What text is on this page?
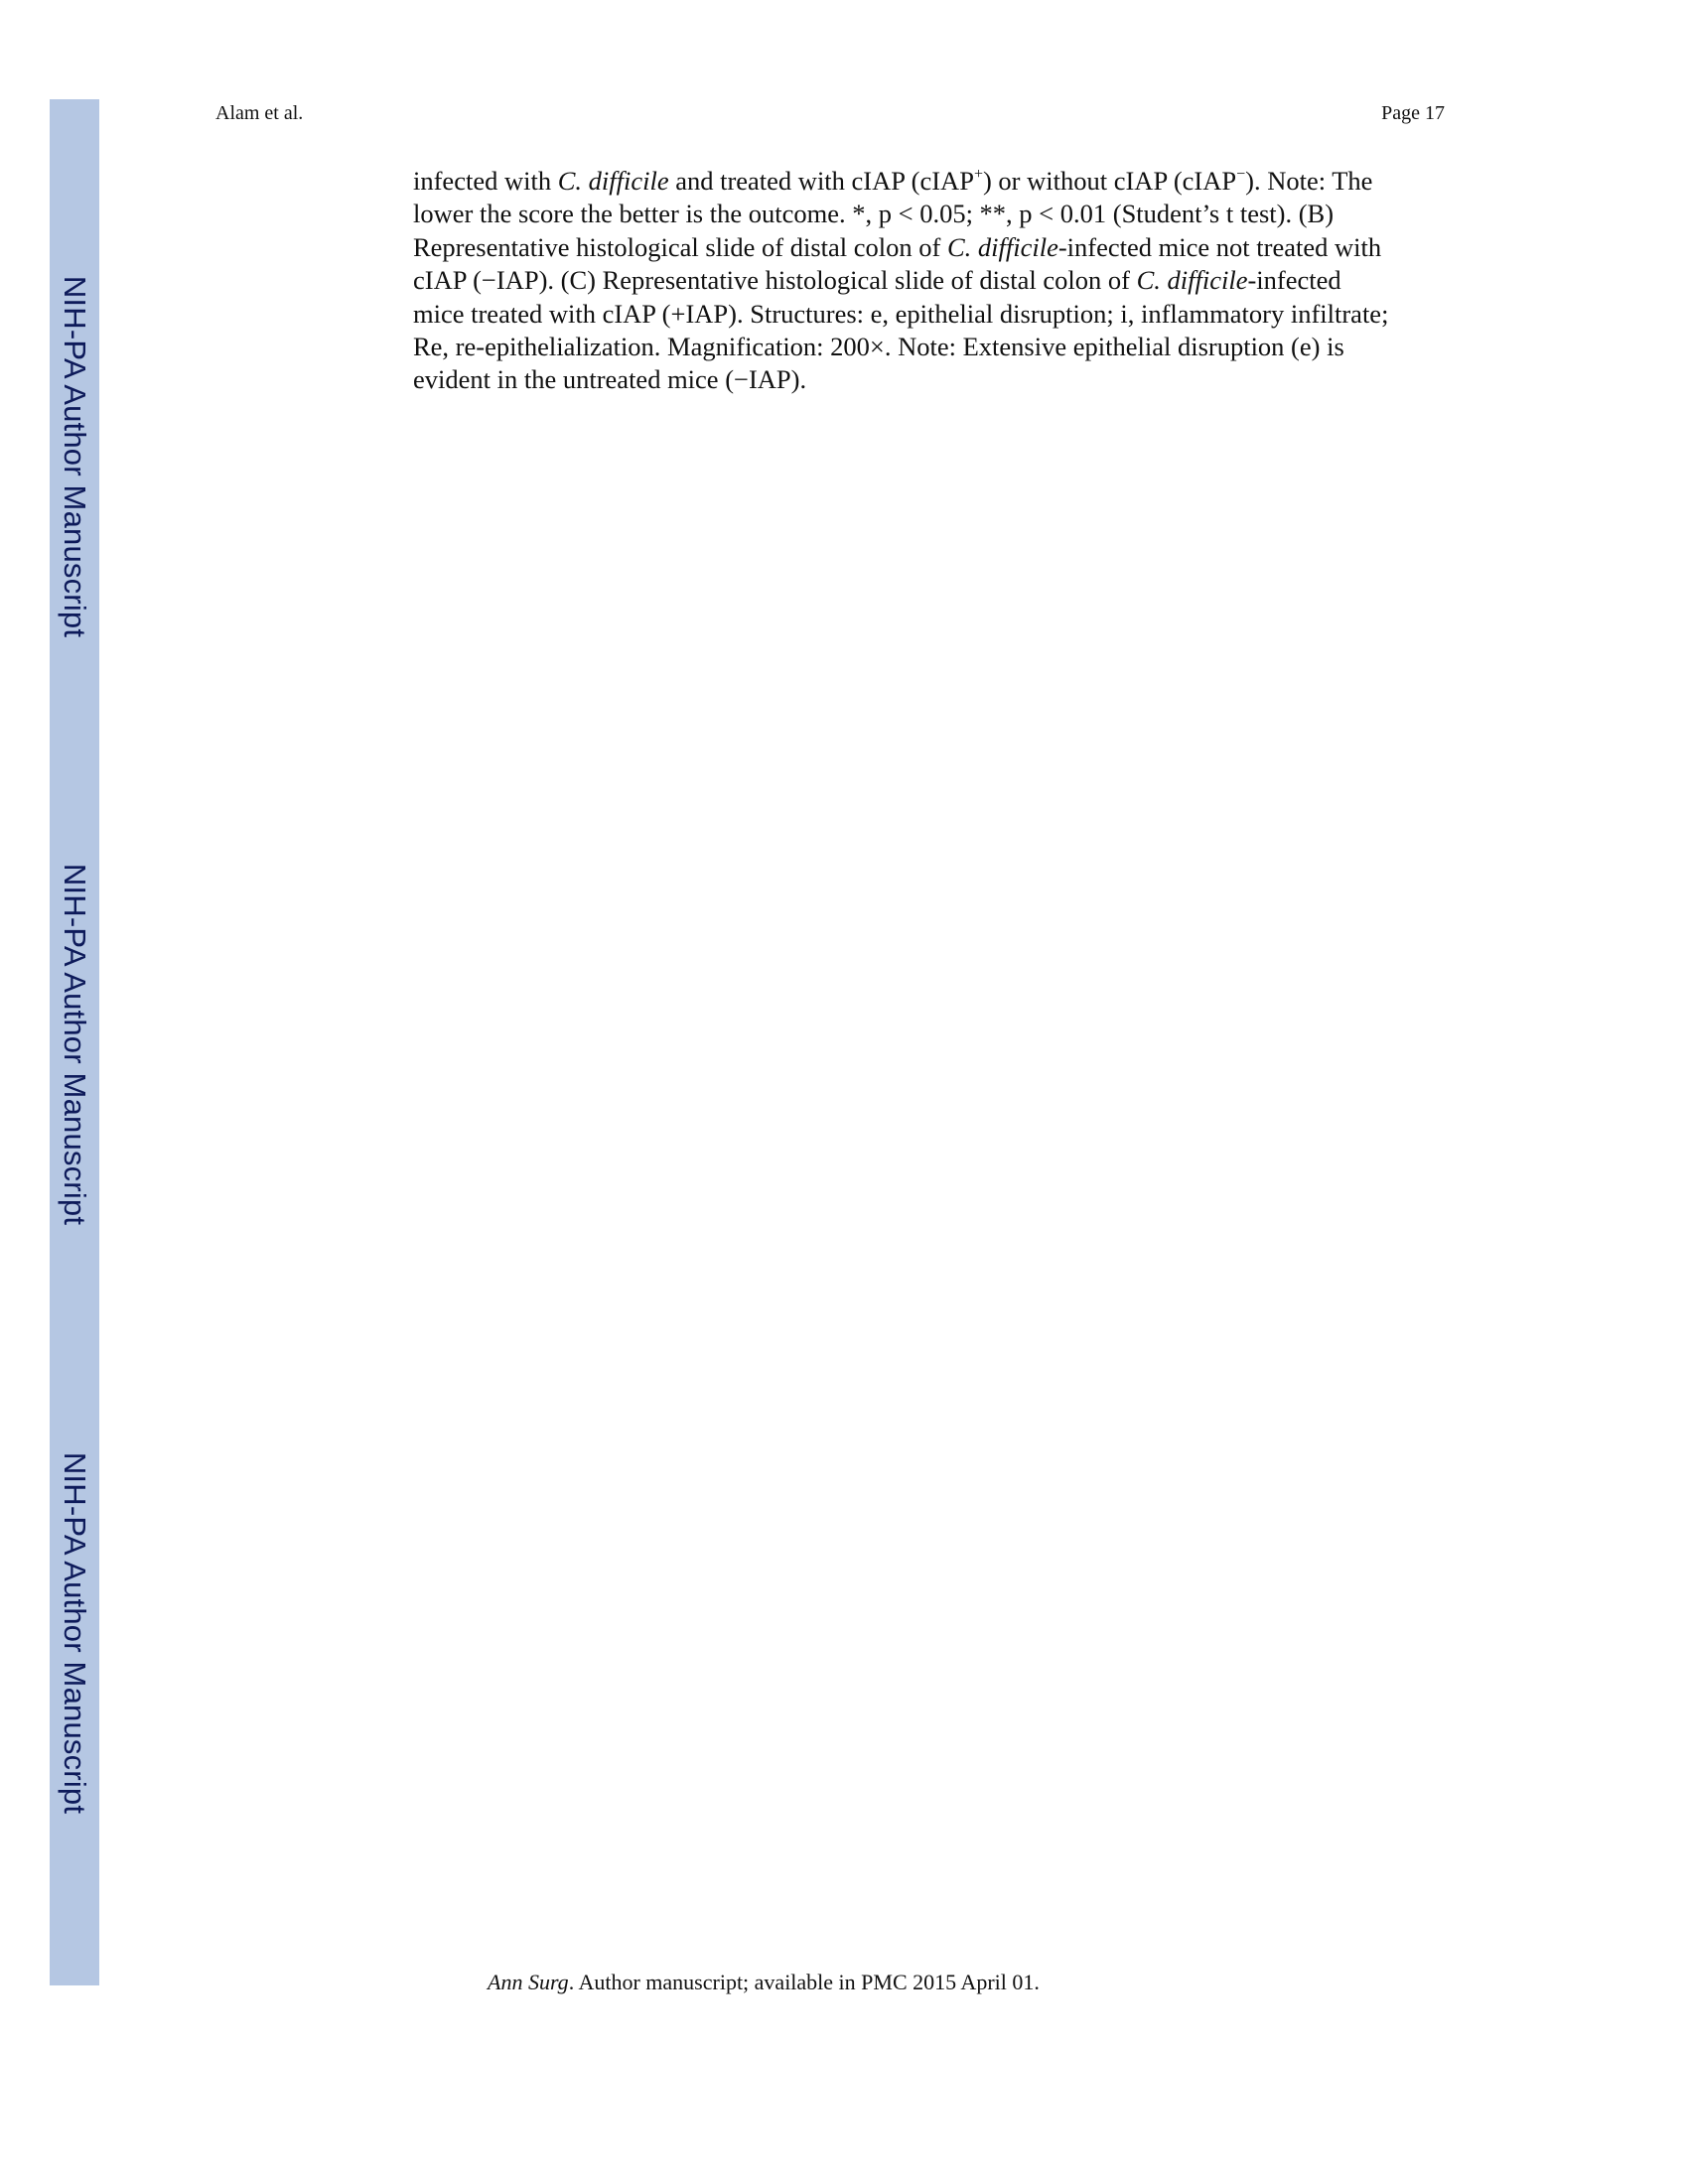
NIH-PA Author Manuscript
NIH-PA Author Manuscript
NIH-PA Author Manuscript
Alam et al.	Page 17

infected with C. difficile and treated with cIAP (cIAP+) or without cIAP (cIAP−). Note: The

lower the score the better is the outcome. *, p < 0.05; **, p < 0.01 (Student’s t test). (B)

Representative histological slide of distal colon of C. difficile-infected mice not treated with

cIAP (−IAP). (C) Representative histological slide of distal colon of C. difficile-infected

mice treated with cIAP (+IAP). Structures: e, epithelial disruption; i, inflammatory infiltrate;

Re, re-epithelialization. Magnification: 200×. Note: Extensive epithelial disruption (e) is

evident in the untreated mice (−IAP).

Ann Surg. Author manuscript; available in PMC 2015 April 01.
